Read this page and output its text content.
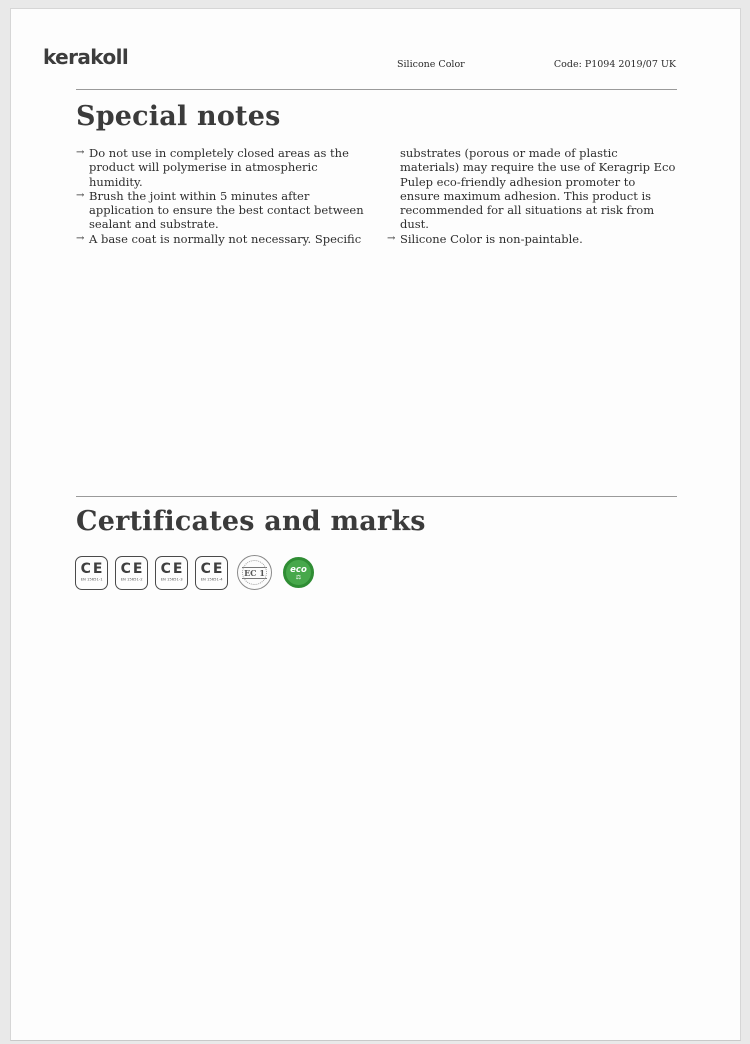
kerakoll	Silicone Color	Code: P1094 2019/07 UK
Special notes
→ Do not use in completely closed areas as the product will polymerise in atmospheric humidity.
→ Brush the joint within 5 minutes after application to ensure the best contact between sealant and substrate.
→ A base coat is normally not necessary. Specific
substrates (porous or made of plastic materials) may require the use of Keragrip Eco Pulep eco-friendly adhesion promoter to ensure maximum adhesion. This product is recommended for all situations at risk from dust.
→ Silicone Color is non-paintable.
Certificates and marks
CE
EN 15651-1
CE
EN 15651-2
CE
EN 15651-3
CE
EN 15651-4
EC 1	eco
⚖
